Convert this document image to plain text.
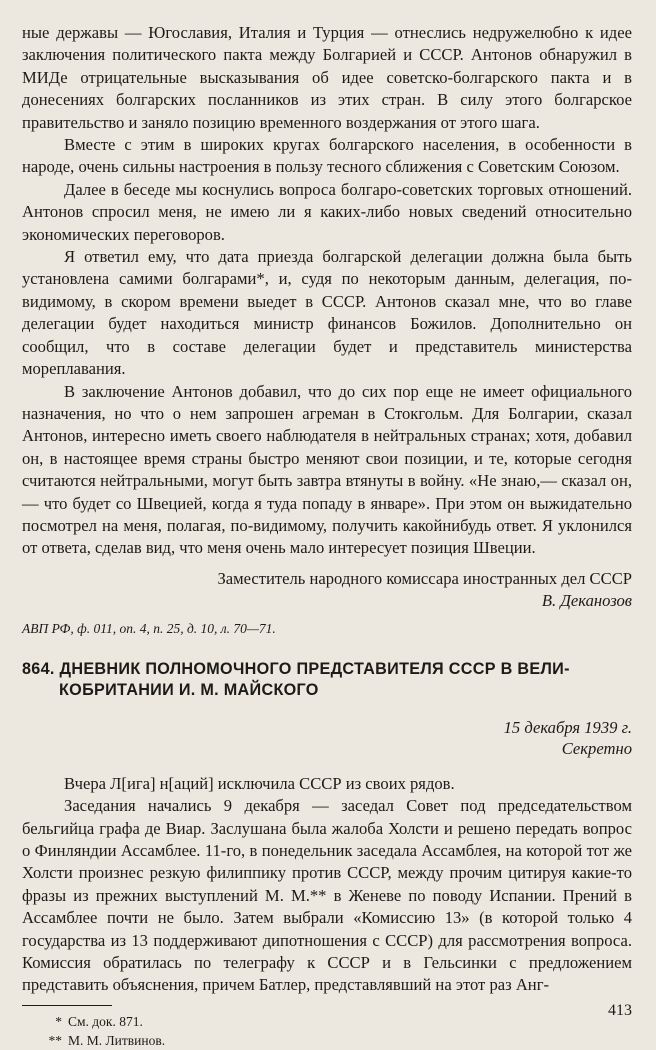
ные державы — Югославия, Италия и Турция — отнеслись недружелюбно к идее заключения политического пакта между Болгарией и СССР. Антонов обнаружил в МИДе отрицательные высказывания об идее советско-болгарского пакта и в донесениях болгарских посланников из этих стран. В силу этого болгарское правительство и заняло позицию временного воздержания от этого шага.

Вместе с этим в широких кругах болгарского населения, в особенности в народе, очень сильны настроения в пользу тесного сближения с Советским Союзом.

Далее в беседе мы коснулись вопроса болгаро-советских торговых отношений. Антонов спросил меня, не имею ли я каких-либо новых сведений относительно экономических переговоров.

Я ответил ему, что дата приезда болгарской делегации должна была быть установлена самими болгарами*, и, судя по некоторым данным, делегация, по-видимому, в скором времени выедет в СССР. Антонов сказал мне, что во главе делегации будет находиться министр финансов Божилов. Дополнительно он сообщил, что в составе делегации будет и представитель министерства мореплавания.

В заключение Антонов добавил, что до сих пор еще не имеет официального назначения, но что о нем запрошен агреман в Стокгольм. Для Болгарии, сказал Антонов, интересно иметь своего наблюдателя в нейтральных странах; хотя, добавил он, в настоящее время страны быстро меняют свои позиции, и те, которые сегодня считаются нейтральными, могут быть завтра втянуты в войну. «Не знаю,— сказал он,— что будет со Швецией, когда я туда попаду в январе». При этом он выжидательно посмотрел на меня, полагая, по-видимому, получить какойнибудь ответ. Я уклонился от ответа, сделав вид, что меня очень мало интересует позиция Швеции.

Заместитель народного комиссара иностранных дел СССР
В. Деканозов
АВП РФ, ф. 011, оп. 4, п. 25, д. 10, л. 70—71.
864. ДНЕВНИК ПОЛНОМОЧНОГО ПРЕДСТАВИТЕЛЯ СССР В ВЕЛИ-
КОБРИТАНИИ И. М. МАЙСКОГО
15 декабря 1939 г.
Секретно

Вчера Л[ига] н[аций] исключила СССР из своих рядов.

Заседания начались 9 декабря — заседал Совет под председательством бельгийца графа де Виар. Заслушана была жалоба Холсти и решено передать вопрос о Финляндии Ассамблее. 11-го, в понедельник заседала Ассамблея, на которой тот же Холсти произнес резкую филиппику против СССР, между прочим цитируя какие-то фразы из прежних выступлений М. М.** в Женеве по поводу Испании. Прений в Ассамблее почти не было. Затем выбрали «Комиссию 13» (в которой только 4 государства из 13 поддерживают дипотношения с СССР) для рассмотрения вопроса. Комиссия обратилась по телеграфу к СССР и в Гельсинки с предложением представить объяснения, причем Батлер, представлявший на этот раз Анг-

* См. док. 871.
** М. М. Литвинов.
413
